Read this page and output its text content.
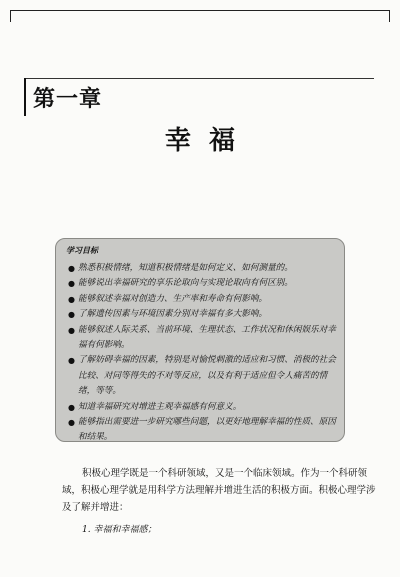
第一章
幸福
学习目标
● 熟悉积极情绪，知道积极情绪是如何定义、如何测量的。
● 能够说出幸福研究的享乐论取向与实现论取向有何区别。
● 能够叙述幸福对创造力、生产率和寿命有何影响。
● 了解遗传因素与环境因素分别对幸福有多大影响。
● 能够叙述人际关系、当前环境、生理状态、工作状况和休闲娱乐对幸福有何影响。
● 了解妨碍幸福的因素，特别是对愉悦刺激的适应和习惯、消极的社会比较、对同等得失的不对等反应，以及有利于适应但令人痛苦的情绪，等等。
● 知道幸福研究对增进主观幸福感有何意义。
● 能够指出需要进一步研究哪些问题，以更好地理解幸福的性质、原因和结果。

积极心理学既是一个科研领域，又是一个临床领域。作为一个科研领域，积极心理学就是用科学方法理解并增进生活的积极方面。积极心理学涉及了解并增进：

1. 幸福和幸福感；
